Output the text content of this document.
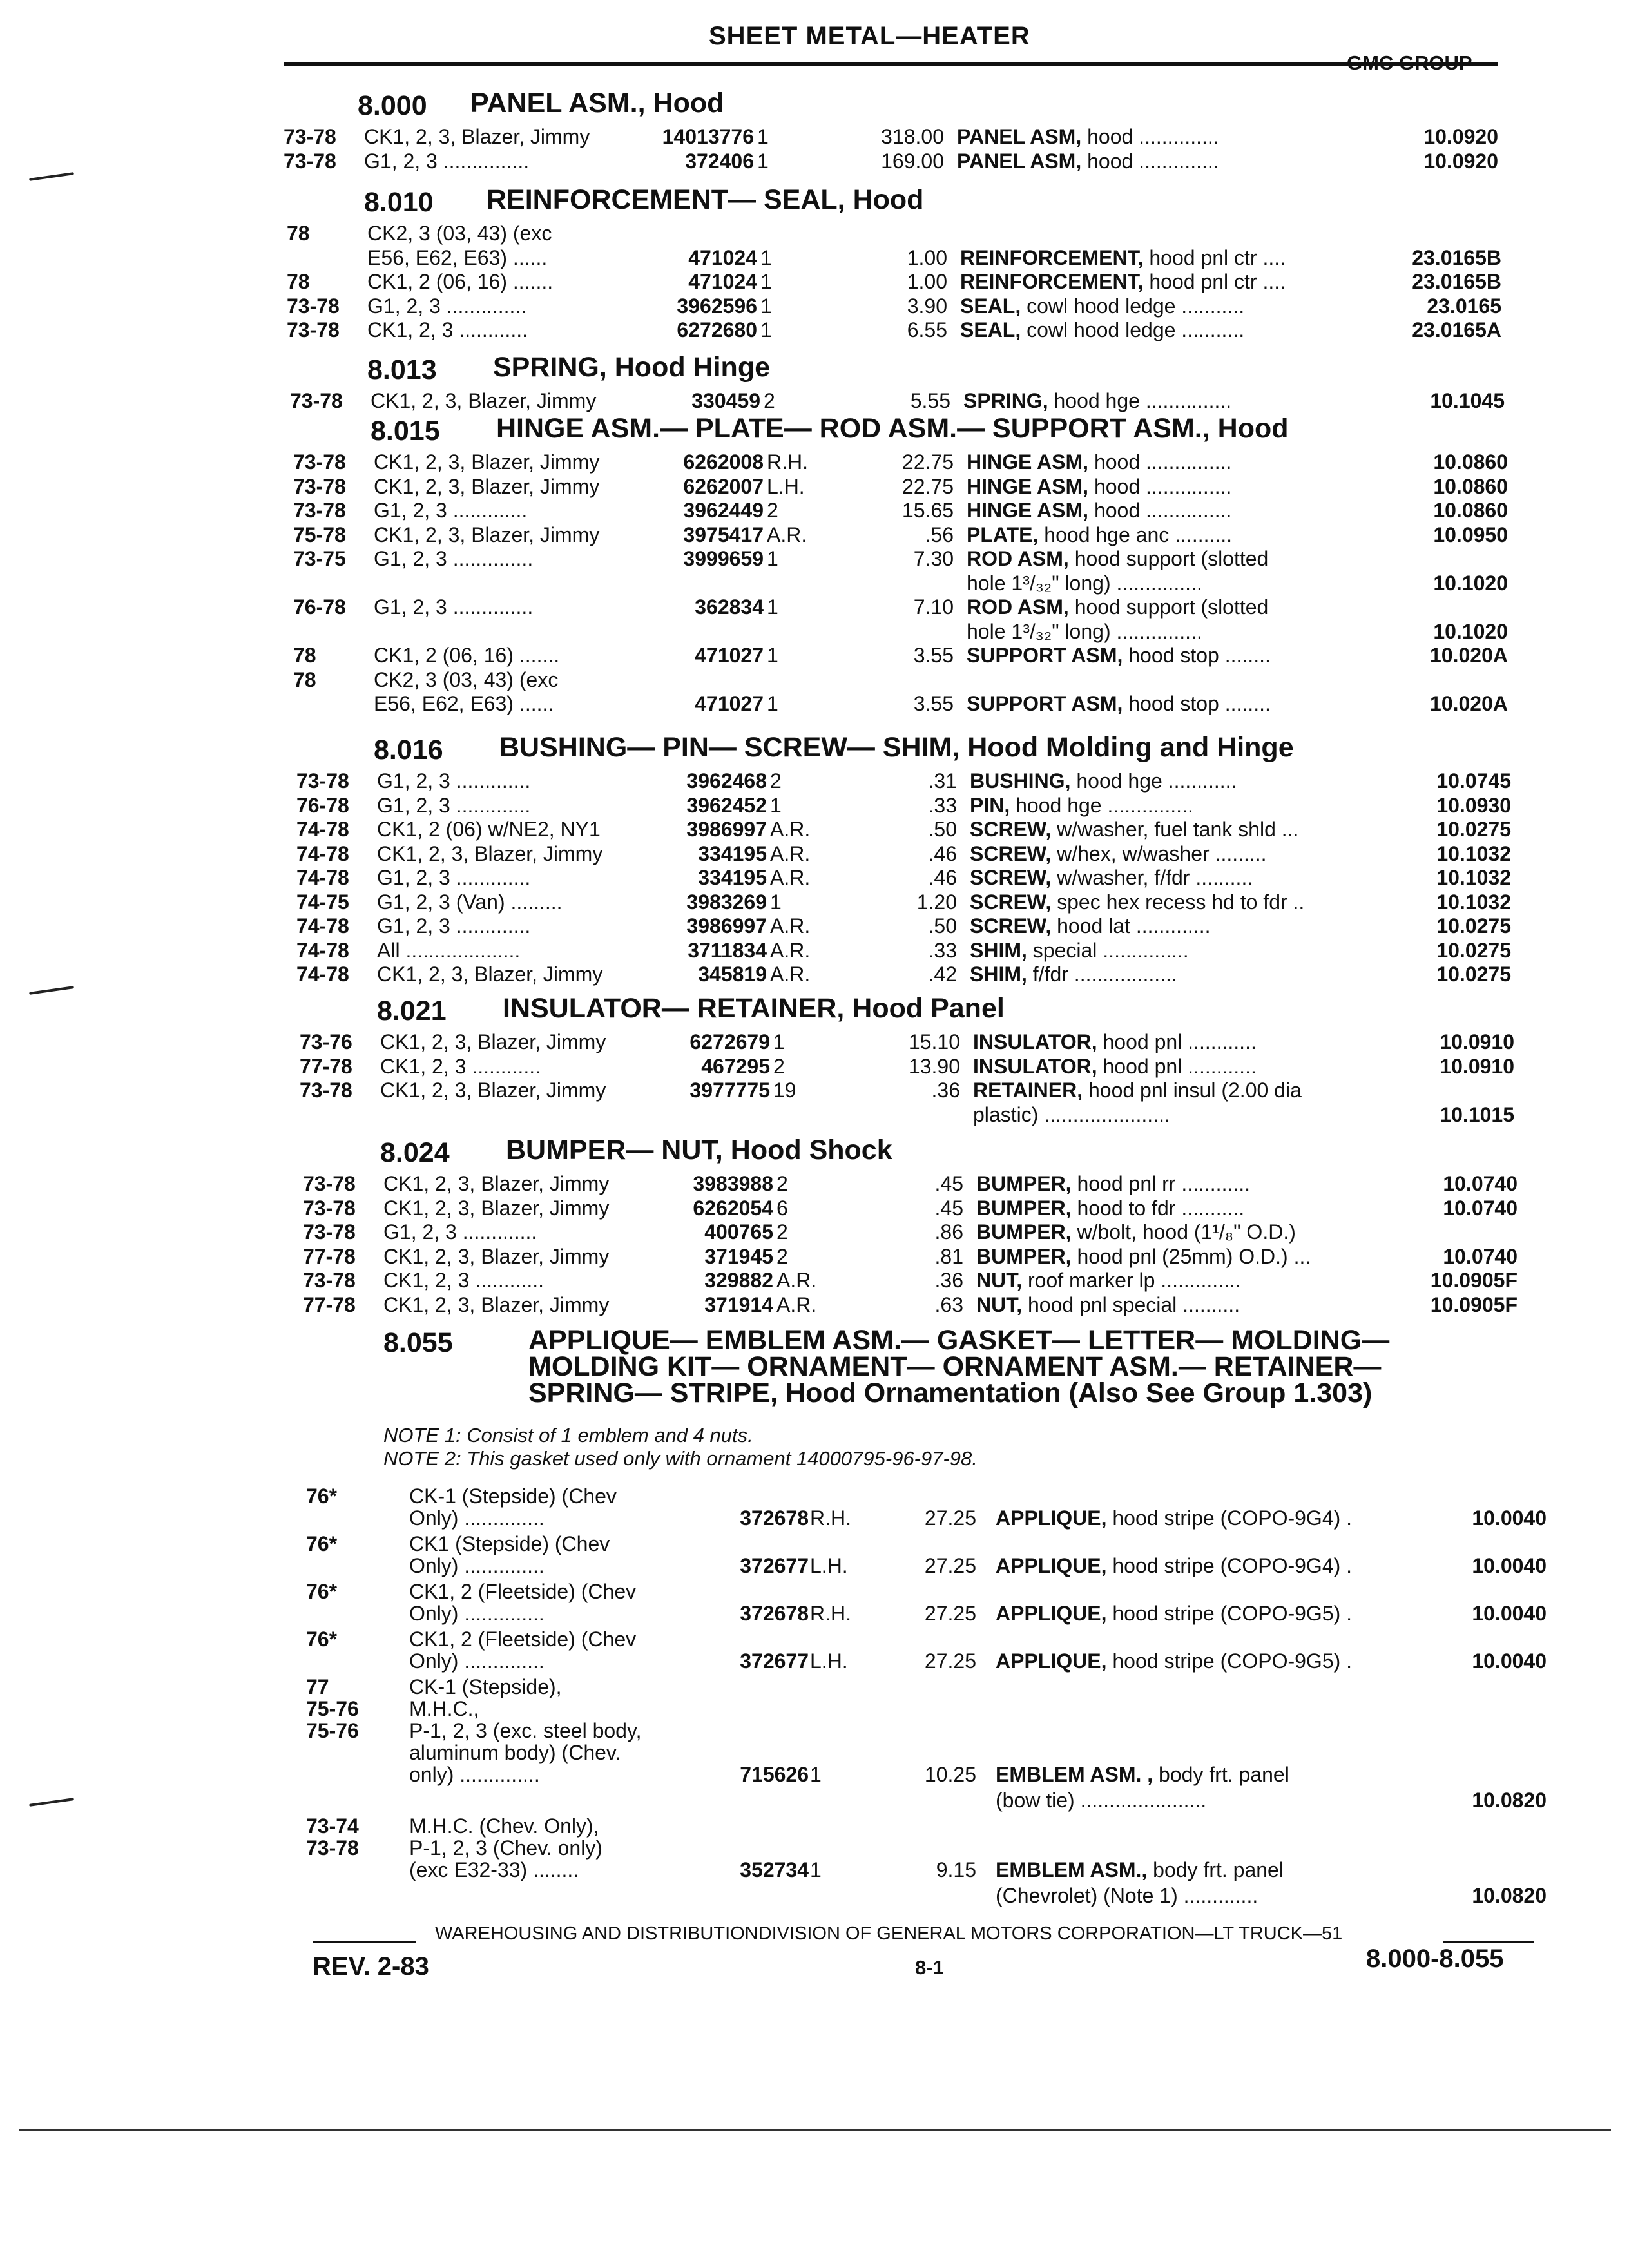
SHEET METAL—HEATER
GMC GROUP
8.000 PANEL ASM., Hood
73-78 CK1, 2, 3, Blazer, Jimmy	14013776 1	318.00 PANEL ASM, hood ..............	10.0920
73-78 G1, 2, 3 ...............	372406 1	169.00 PANEL ASM, hood ..............	10.0920
8.010 REINFORCEMENT— SEAL, Hood
78	CK2, 3 (03, 43) (exc
E56, E62, E63) ......	471024 1	1.00 REINFORCEMENT, hood pnl ctr ....	23.0165B
78	CK1, 2 (06, 16) .......	471024 1	1.00 REINFORCEMENT, hood pnl ctr ....	23.0165B
73-78 G1, 2, 3 ..............	3962596 1	3.90 SEAL, cowl hood ledge ...........	23.0165
73-78 CK1, 2, 3 ............	6272680 1	6.55 SEAL, cowl hood ledge ...........	23.0165A
8.013 SPRING, Hood Hinge
73-78 CK1, 2, 3, Blazer, Jimmy	330459 2	5.55 SPRING, hood hge ...............	10.1045
8.015 HINGE ASM.— PLATE— ROD ASM.— SUPPORT ASM., Hood
73-78 CK1, 2, 3, Blazer, Jimmy	6262008 R.H.	22.75 HINGE ASM, hood ...............	10.0860
73-78 CK1, 2, 3, Blazer, Jimmy	6262007 L.H.	22.75 HINGE ASM, hood ...............	10.0860
73-78 G1, 2, 3 .............	3962449 2	15.65 HINGE ASM, hood ...............	10.0860
75-78 CK1, 2, 3, Blazer, Jimmy	3975417 A.R.	.56 PLATE, hood hge anc ..........	10.0950
73-75 G1, 2, 3 ..............	3999659 1	7.30 ROD ASM, hood support (slotted
hole 1³/₃₂" long) ...............	10.1020
76-78 G1, 2, 3 ..............	362834 1	7.10 ROD ASM, hood support (slotted
hole 1³/₃₂" long) ...............	10.1020
78	CK1, 2 (06, 16) .......	471027 1	3.55 SUPPORT ASM, hood stop ........	10.020A
78	CK2, 3 (03, 43) (exc
E56, E62, E63) ......	471027 1	3.55 SUPPORT ASM, hood stop ........	10.020A
8.016 BUSHING— PIN— SCREW— SHIM, Hood Molding and Hinge
73-78 G1, 2, 3 .............	3962468 2	.31 BUSHING, hood hge ............	10.0745
76-78 G1, 2, 3 .............	3962452 1	.33 PIN, hood hge ...............	10.0930
74-78 CK1, 2 (06) w/NE2, NY1	3986997 A.R.	.50 SCREW, w/washer, fuel tank shld ...	10.0275
74-78 CK1, 2, 3, Blazer, Jimmy	334195 A.R.	.46 SCREW, w/hex, w/washer .........	10.1032
74-78 G1, 2, 3 .............	334195 A.R.	.46 SCREW, w/washer, f/fdr ..........	10.1032
74-75 G1, 2, 3 (Van) .........	3983269 1	1.20 SCREW, spec hex recess hd to fdr ..	10.1032
74-78 G1, 2, 3 .............	3986997 A.R.	.50 SCREW, hood lat .............	10.0275
74-78 All ....................	3711834 A.R.	.33 SHIM, special ...............	10.0275
74-78 CK1, 2, 3, Blazer, Jimmy	345819 A.R.	.42 SHIM, f/fdr ..................	10.0275
8.021 INSULATOR— RETAINER, Hood Panel
73-76 CK1, 2, 3, Blazer, Jimmy	6272679 1	15.10 INSULATOR, hood pnl ............	10.0910
77-78 CK1, 2, 3 ............	467295 2	13.90 INSULATOR, hood pnl ............	10.0910
73-78 CK1, 2, 3, Blazer, Jimmy	3977775 19	.36 RETAINER, hood pnl insul (2.00 dia
plastic) ......................	10.1015
8.024 BUMPER— NUT, Hood Shock
73-78 CK1, 2, 3, Blazer, Jimmy	3983988 2	.45 BUMPER, hood pnl rr ............	10.0740
73-78 CK1, 2, 3, Blazer, Jimmy	6262054 6	.45 BUMPER, hood to fdr ...........	10.0740
73-78 G1, 2, 3 .............	400765 2	.86 BUMPER, w/bolt, hood (1¹/₈" O.D.)
77-78 CK1, 2, 3, Blazer, Jimmy	371945 2	.81 BUMPER, hood pnl (25mm) O.D.) ...	10.0740
73-78 CK1, 2, 3 ............	329882 A.R.	.36 NUT, roof marker lp ..............	10.0905F
77-78 CK1, 2, 3, Blazer, Jimmy	371914 A.R.	.63 NUT, hood pnl special ..........	10.0905F
8.055	APPLIQUE— EMBLEM ASM.— GASKET— LETTER— MOLDING— MOLDING KIT— ORNAMENT— ORNAMENT ASM.— RETAINER— SPRING— STRIPE, Hood Ornamentation (Also See Group 1.303)
NOTE 1: Consist of 1 emblem and 4 nuts.
NOTE 2: This gasket used only with ornament 14000795-96-97-98.
76*	CK-1 (Stepside) (Chev
Only) ..............	372678 R.H.	27.25 APPLIQUE, hood stripe (COPO-9G4) .	10.0040
76*	CK1 (Stepside) (Chev
Only) ..............	372677 L.H.	27.25 APPLIQUE, hood stripe (COPO-9G4) .	10.0040
76*	CK1, 2 (Fleetside) (Chev
Only) ..............	372678 R.H.	27.25 APPLIQUE, hood stripe (COPO-9G5) .	10.0040
76*	CK1, 2 (Fleetside) (Chev
Only) ..............	372677 L.H.	27.25 APPLIQUE, hood stripe (COPO-9G5) .	10.0040
77	CK-1 (Stepside),
75-76 M.H.C.,
75-76 P-1, 2, 3 (exc. steel body,
aluminum body) (Chev.
only) ..............	715626 1	10.25 EMBLEM ASM. , body frt. panel
(bow tie) ......................	10.0820
73-74 M.H.C. (Chev. Only),
73-78 P-1, 2, 3 (Chev. only)
(exc E32-33) ........	352734 1	9.15 EMBLEM ASM., body frt. panel
(Chevrolet) (Note 1) .............	10.0820
WAREHOUSING AND DISTRIBUTIONDIVISION OF GENERAL MOTORS CORPORATION—LT TRUCK—51
REV. 2-83	8-1	8.000-8.055
